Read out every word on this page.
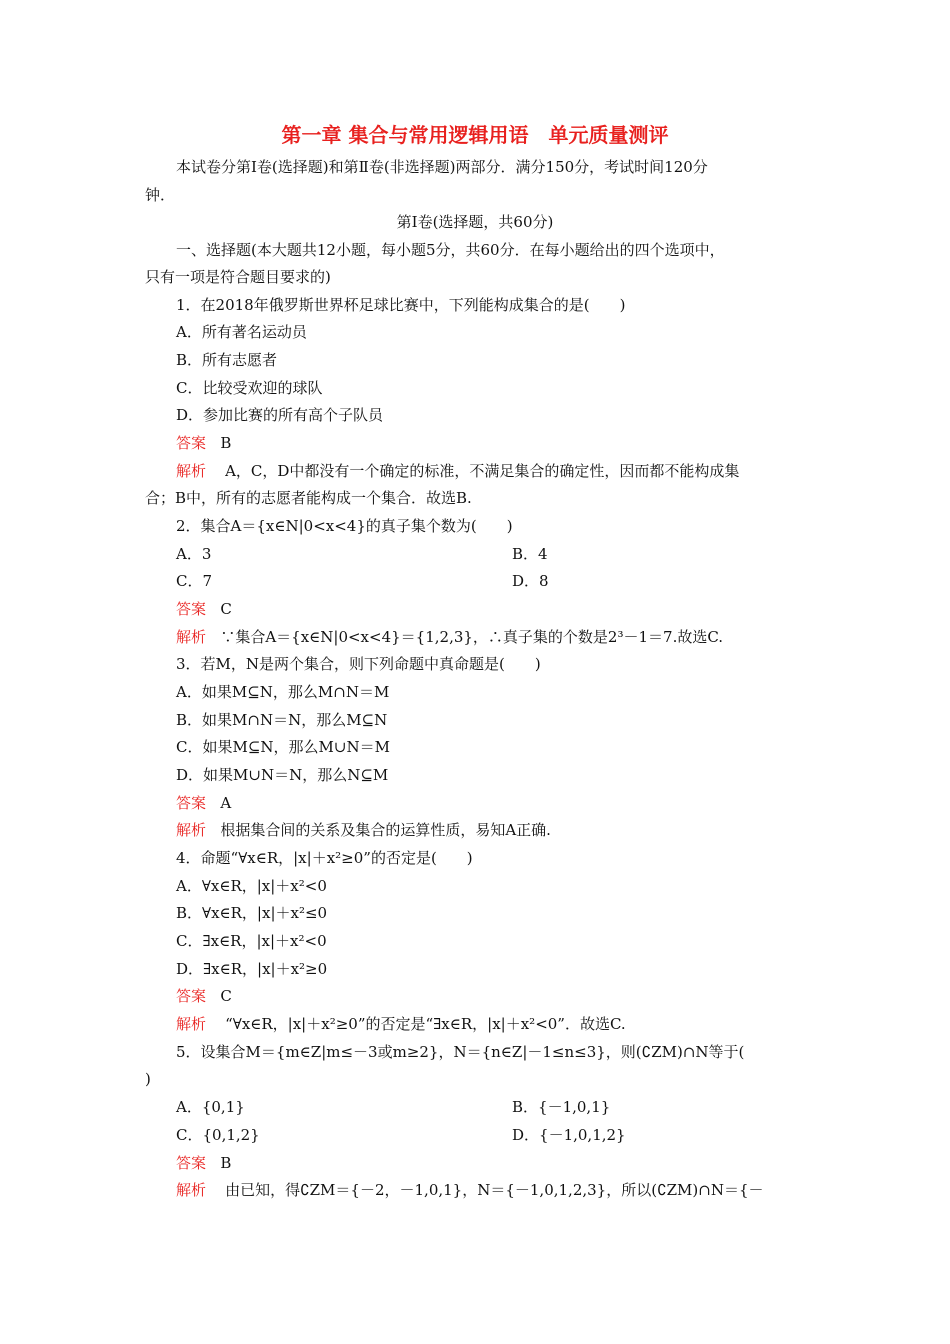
第一章 集合与常用逻辑用语　单元质量测评
本试卷分第Ⅰ卷(选择题)和第Ⅱ卷(非选择题)两部分．满分150分，考试时间120分
钟．
第Ⅰ卷(选择题，共60分)
一、选择题(本大题共12小题，每小题5分，共60分．在每小题给出的四个选项中，
只有一项是符合题目要求的)
1．在2018年俄罗斯世界杯足球比赛中，下列能构成集合的是(　　)
A．所有著名运动员
B．所有志愿者
C．比较受欢迎的球队
D．参加比赛的所有高个子队员
答案 B
解析 A，C，D中都没有一个确定的标准，不满足集合的确定性，因而都不能构成集
合；B中，所有的志愿者能构成一个集合．故选B.
2．集合A＝{x∈N|0<x<4}的真子集个数为(　　)
A．3	B．4
C．7	D．8
答案 C
解析 ∵集合A＝{x∈N|0<x<4}＝{1,2,3}，∴真子集的个数是2³－1＝7.故选C.
3．若M，N是两个集合，则下列命题中真命题是(　　)
A．如果M⊆N，那么M∩N＝M
B．如果M∩N＝N，那么M⊆N
C．如果M⊆N，那么M∪N＝M
D．如果M∪N＝N，那么N⊆M
答案 A
解析 根据集合间的关系及集合的运算性质，易知A正确.
4．命题“∀x∈R，|x|＋x²≥0”的否定是(　　)
A．∀x∈R，|x|＋x²<0
B．∀x∈R，|x|＋x²≤0
C．∃x∈R，|x|＋x²<0
D．∃x∈R，|x|＋x²≥0
答案 C
解析 “∀x∈R，|x|＋x²≥0”的否定是“∃x∈R，|x|＋x²<0”．故选C.
5．设集合M＝{m∈Z|m≤－3或m≥2}，N＝{n∈Z|－1≤n≤3}，则(∁ZM)∩N等于(
)
A．{0,1}	B．{－1,0,1}
C．{0,1,2}	D．{－1,0,1,2}
答案 B
解析 由已知，得∁ZM＝{－2，－1,0,1}，N＝{－1,0,1,2,3}，所以(∁ZM)∩N＝{－
